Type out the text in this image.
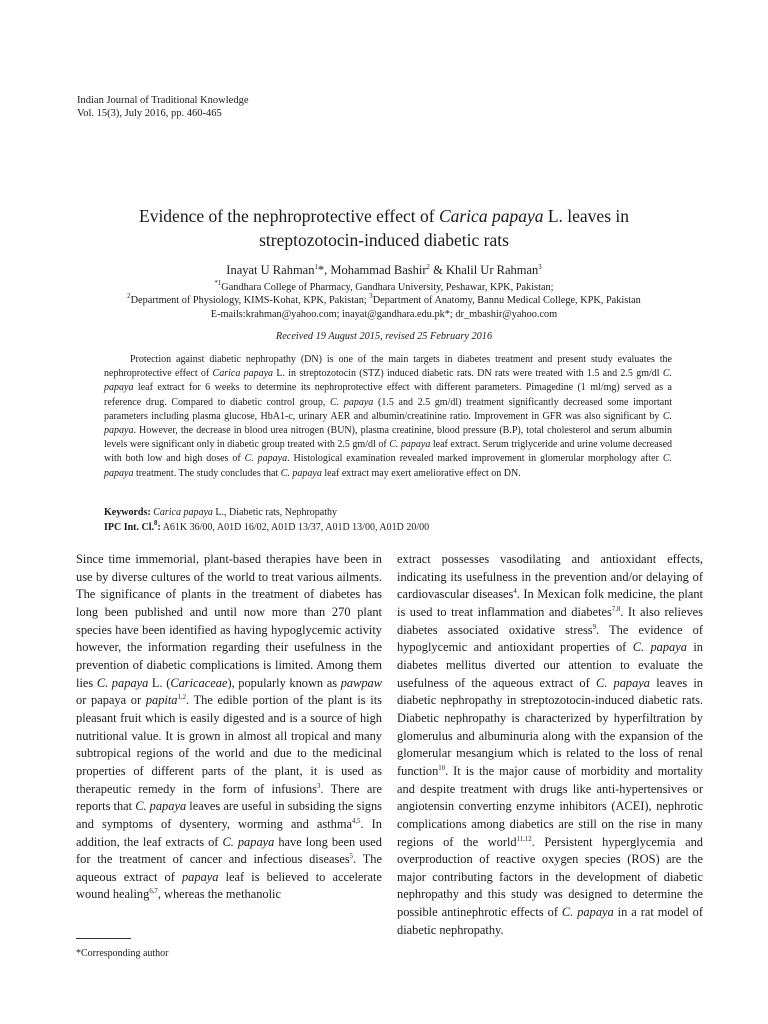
Indian Journal of Traditional Knowledge
Vol. 15(3), July 2016, pp. 460-465
Evidence of the nephroprotective effect of Carica papaya L. leaves in
streptozotocin-induced diabetic rats
Inayat U Rahman$^1$*, Mohammad Bashir$^2$ & Khalil Ur Rahman$^3$
$^{*1}$Gandhara College of Pharmacy, Gandhara University, Peshawar, KPK, Pakistan;
$^2$Department of Physiology, KIMS-Kohat, KPK, Pakistan; $^3$Department of Anatomy, Bannu Medical College, KPK, Pakistan
E-mails:krahman@yahoo.com; inayat@gandhara.edu.pk*; dr_mbashir@yahoo.com
Received 19 August 2015, revised 25 February 2016
Protection against diabetic nephropathy (DN) is one of the main targets in diabetes treatment and present study evaluates the nephroprotective effect of Carica papaya L. in streptozotocin (STZ) induced diabetic rats. DN rats were treated with 1.5 and 2.5 gm/dl C. papaya leaf extract for 6 weeks to determine its nephroprotective effect with different parameters. Pimagedine (1 ml/mg) served as a reference drug. Compared to diabetic control group, C. papaya (1.5 and 2.5 gm/dl) treatment significantly decreased some important parameters including plasma glucose, HbA1-c, urinary AER and albumin/creatinine ratio. Improvement in GFR was also significant by C. papaya. However, the decrease in blood urea nitrogen (BUN), plasma creatinine, blood pressure (B.P), total cholesterol and serum albumin levels were significant only in diabetic group treated with 2.5 gm/dl of C. papaya leaf extract. Serum triglyceride and urine volume decreased with both low and high doses of C. papaya. Histological examination revealed marked improvement in glomerular morphology after C. papaya treatment. The study concludes that C. papaya leaf extract may exert ameliorative effect on DN.
Keywords: Carica papaya L., Diabetic rats, Nephropathy
IPC Int. Cl.$^8$: A61K 36/00, A01D 16/02, A01D 13/37, A01D 13/00, A01D 20/00
Since time immemorial, plant-based therapies have been in use by diverse cultures of the world to treat various ailments. The significance of plants in the treatment of diabetes has long been published and until now more than 270 plant species have been identified as having hypoglycemic activity however, the information regarding their usefulness in the prevention of diabetic complications is limited. Among them lies C. papaya L. (Caricaceae), popularly known as pawpaw or papaya or papita$^{1,2}$. The edible portion of the plant is its pleasant fruit which is easily digested and is a source of high nutritional value. It is grown in almost all tropical and many subtropical regions of the world and due to the medicinal properties of different parts of the plant, it is used as therapeutic remedy in the form of infusions$^3$. There are reports that C. papaya leaves are useful in subsiding the signs and symptoms of dysentery, worming and asthma$^{4,5}$. In addition, the leaf extracts of C. papaya have long been used for the treatment of cancer and infectious diseases$^5$. The aqueous extract of papaya leaf is believed to accelerate wound healing$^{6,7}$, whereas the methanolic
extract possesses vasodilating and antioxidant effects, indicating its usefulness in the prevention and/or delaying of cardiovascular diseases$^4$. In Mexican folk medicine, the plant is used to treat inflammation and diabetes$^{7,8}$. It also relieves diabetes associated oxidative stress$^9$. The evidence of hypoglycemic and antioxidant properties of C. papaya in diabetes mellitus diverted our attention to evaluate the usefulness of the aqueous extract of C. papaya leaves in diabetic nephropathy in streptozotocin-induced diabetic rats. Diabetic nephropathy is characterized by hyperfiltration by glomerulus and albuminuria along with the expansion of the glomerular mesangium which is related to the loss of renal function$^{10}$. It is the major cause of morbidity and mortality and despite treatment with drugs like anti-hypertensives or angiotensin converting enzyme inhibitors (ACEI), nephrotic complications among diabetics are still on the rise in many regions of the world$^{11,12}$. Persistent hyperglycemia and overproduction of reactive oxygen species (ROS) are the major contributing factors in the development of diabetic nephropathy and this study was designed to determine the possible antinephrotic effects of C. papaya in a rat model of diabetic nephropathy.
*Corresponding author
